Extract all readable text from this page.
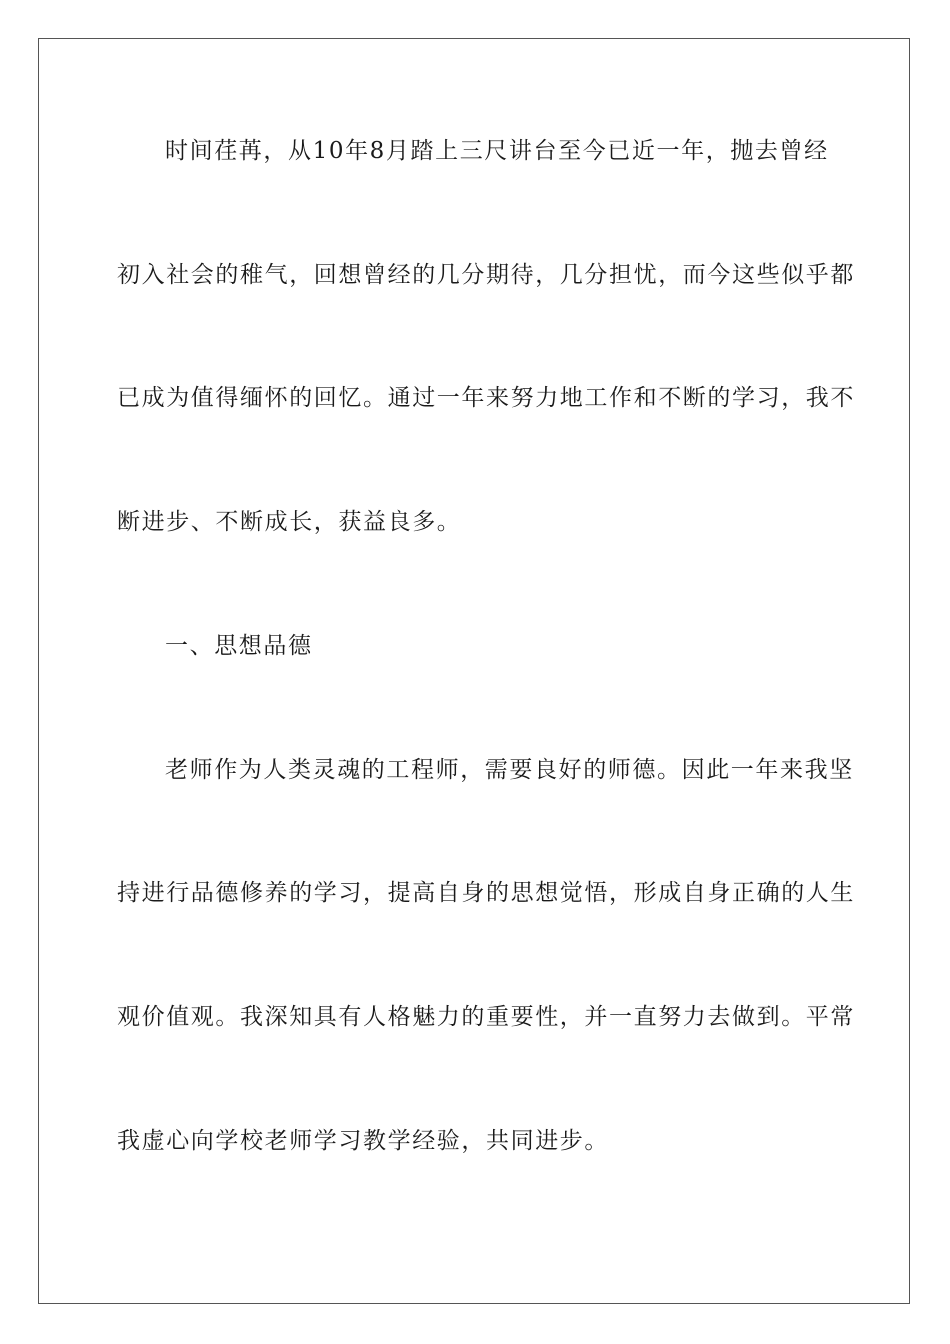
时间荏苒，从10年8月踏上三尺讲台至今已近一年，抛去曾经
初入社会的稚气，回想曾经的几分期待，几分担忧，而今这些似乎都
已成为值得缅怀的回忆。通过一年来努力地工作和不断的学习，我不
断进步、不断成长，获益良多。
一、思想品德
老师作为人类灵魂的工程师，需要良好的师德。因此一年来我坚
持进行品德修养的学习，提高自身的思想觉悟，形成自身正确的人生
观价值观。我深知具有人格魅力的重要性，并一直努力去做到。平常
我虚心向学校老师学习教学经验，共同进步。
